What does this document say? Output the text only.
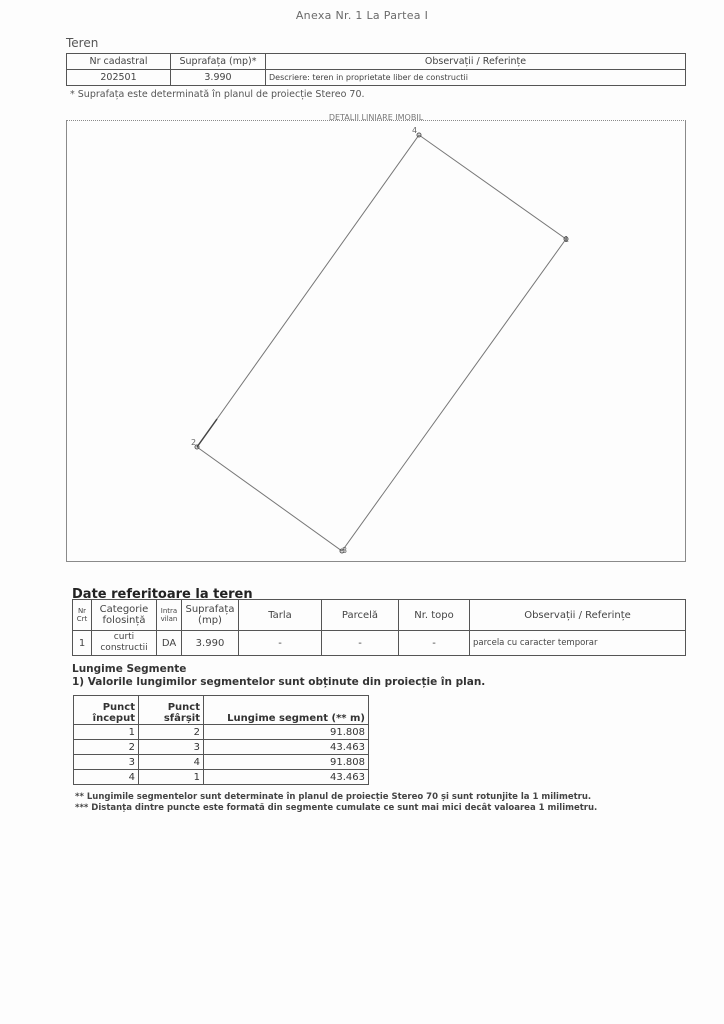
Anexa Nr. 1 La Partea I
Teren
Nr cadastral	Suprafața (mp)*	Observații / Referințe
202501	3.990	Descriere: teren in proprietate liber de constructii
* Suprafața este determinată în planul de proiecție Stereo 70.
DETALII LINIARE IMOBIL
4
1
3
2
Date referitoare la teren
Nr Crt	Categorie folosință	Intra vilan	Suprafața (mp)	Tarla	Parcelă	Nr. topo	Observații / Referințe
1	curti constructii	DA	3.990	-	-	-	parcela cu caracter temporar
Lungime Segmente
1) Valorile lungimilor segmentelor sunt obținute din proiecție în plan.
Punct început	Punct sfârșit	Lungime segment (** m)
1	2	91.808
2	3	43.463
3	4	91.808
4	1	43.463
** Lungimile segmentelor sunt determinate în planul de proiecție Stereo 70 și sunt rotunjite la 1 milimetru.
*** Distanța dintre puncte este formată din segmente cumulate ce sunt mai mici decât valoarea 1 milimetru.
